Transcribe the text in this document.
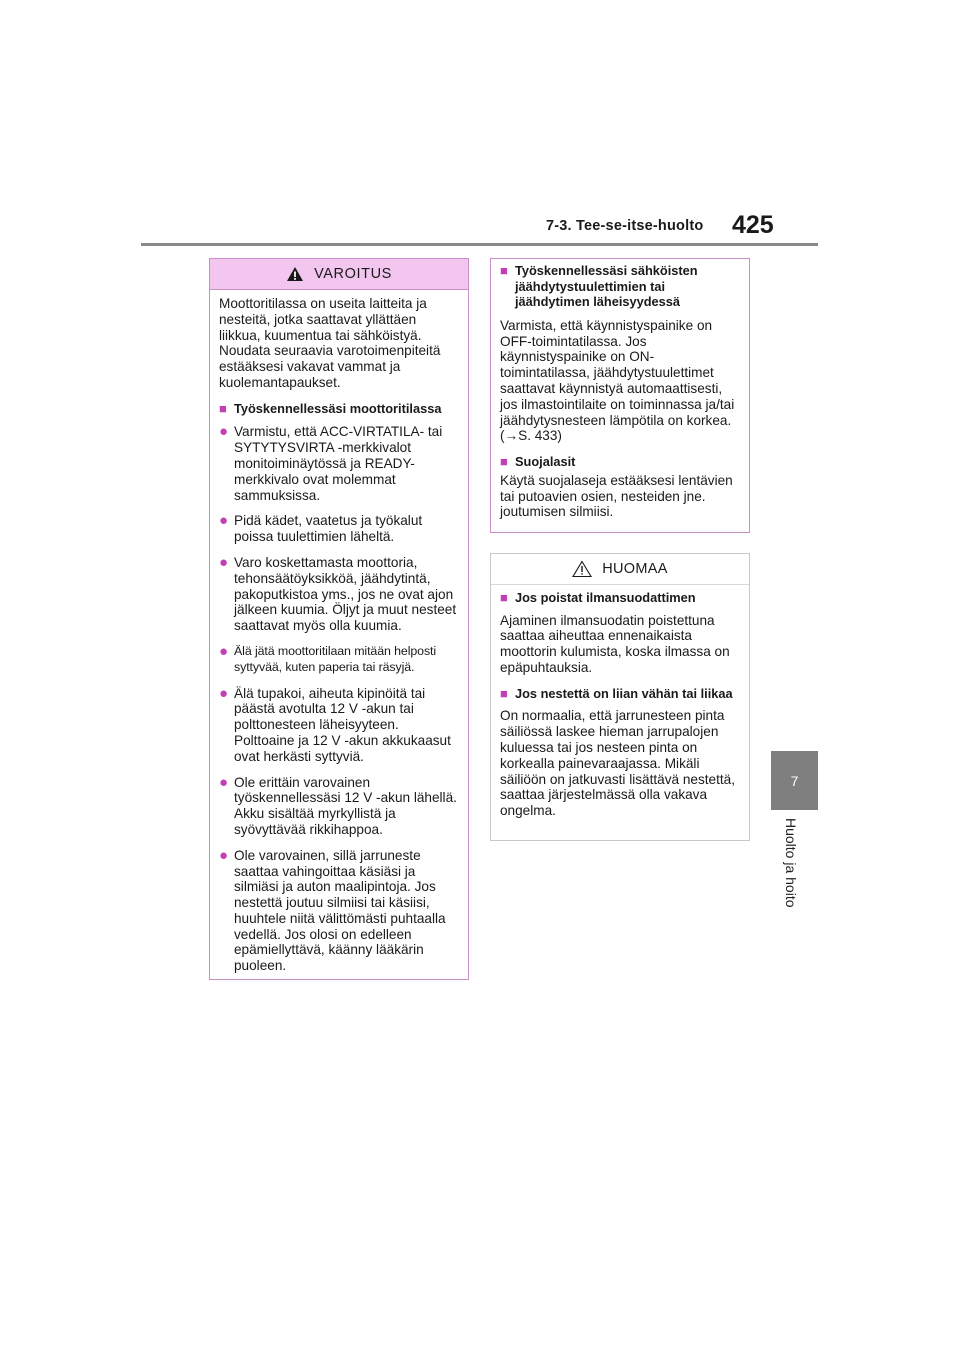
7-3. Tee-se-itse-huolto 425
7
Huolto ja hoito
VAROITUS

Moottoritilassa on useita laitteita ja nesteitä, jotka saattavat yllättäen liikkua, kuumentua tai sähköistyä. Noudata seuraavia varotoimenpiteitä estääksesi vakavat vammat ja kuolemantapaukset.

■ Työskennellessäsi moottoritilassa
● Varmistu, että ACC-VIRTATILA- tai SYTYTYSVIRTA -merkkivalot monitoiminäytössä ja READY-merkkivalo ovat molemmat sammuksissa.
● Pidä kädet, vaatetus ja työkalut poissa tuulettimien läheltä.
● Varo koskettamasta moottoria, tehonsäätöyksikköä, jäähdytintä, pakoputkistoa yms., jos ne ovat ajon jälkeen kuumia. Öljyt ja muut nesteet saattavat myös olla kuumia.
● Älä jätä moottoritilaan mitään helposti syttyvää, kuten paperia tai räsyjä.
● Älä tupakoi, aiheuta kipinöitä tai päästä avotulta 12 V -akun tai polttonesteen läheisyyteen. Polttoaine ja 12 V -akun akkukaasut ovat herkästi syttyviä.
● Ole erittäin varovainen työskennellessäsi 12 V -akun lähellä. Akku sisältää myrkyllistä ja syövyttävää rikkihappoa.
● Ole varovainen, sillä jarruneste saattaa vahingoittaa käsiäsi ja silmiäsi ja auton maalipintoja. Jos nestettä joutuu silmiisi tai käsiisi, huuhtele niitä välittömästi puhtaalla vedellä. Jos olosi on edelleen epämiellyttävä, käänny lääkärin puoleen.
■ Työskennellessäsi sähköisten jäähdytystuulettimien tai jäähdytimen läheisyydessä

Varmista, että käynnistyspainike on OFF-toimintatilassa. Jos käynnistyspainike on ON-toimintatilassa, jäähdytystuulettimet saattavat käynnistyä automaattisesti, jos ilmastointilaite on toiminnassa ja/tai jäähdytysnesteen lämpötila on korkea. (→S. 433)

■ Suojalasit

Käytä suojalaseja estääksesi lentävien tai putoavien osien, nesteiden jne. joutumisen silmiisi.

HUOMAA
■ Jos poistat ilmansuodattimen

Ajaminen ilmansuodatin poistettuna saattaa aiheuttaa ennenaikaista moottorin kulumista, koska ilmassa on epäpuhtauksia.

■ Jos nestettä on liian vähän tai liikaa

On normaalia, että jarrunesteen pinta säiliössä laskee hieman jarrupalojen kuluessa tai jos nesteen pinta on korkealla painevaraajassa. Mikäli säiliöön on jatkuvasti lisättävä nestettä, saattaa järjestelmässä olla vakava ongelma.
